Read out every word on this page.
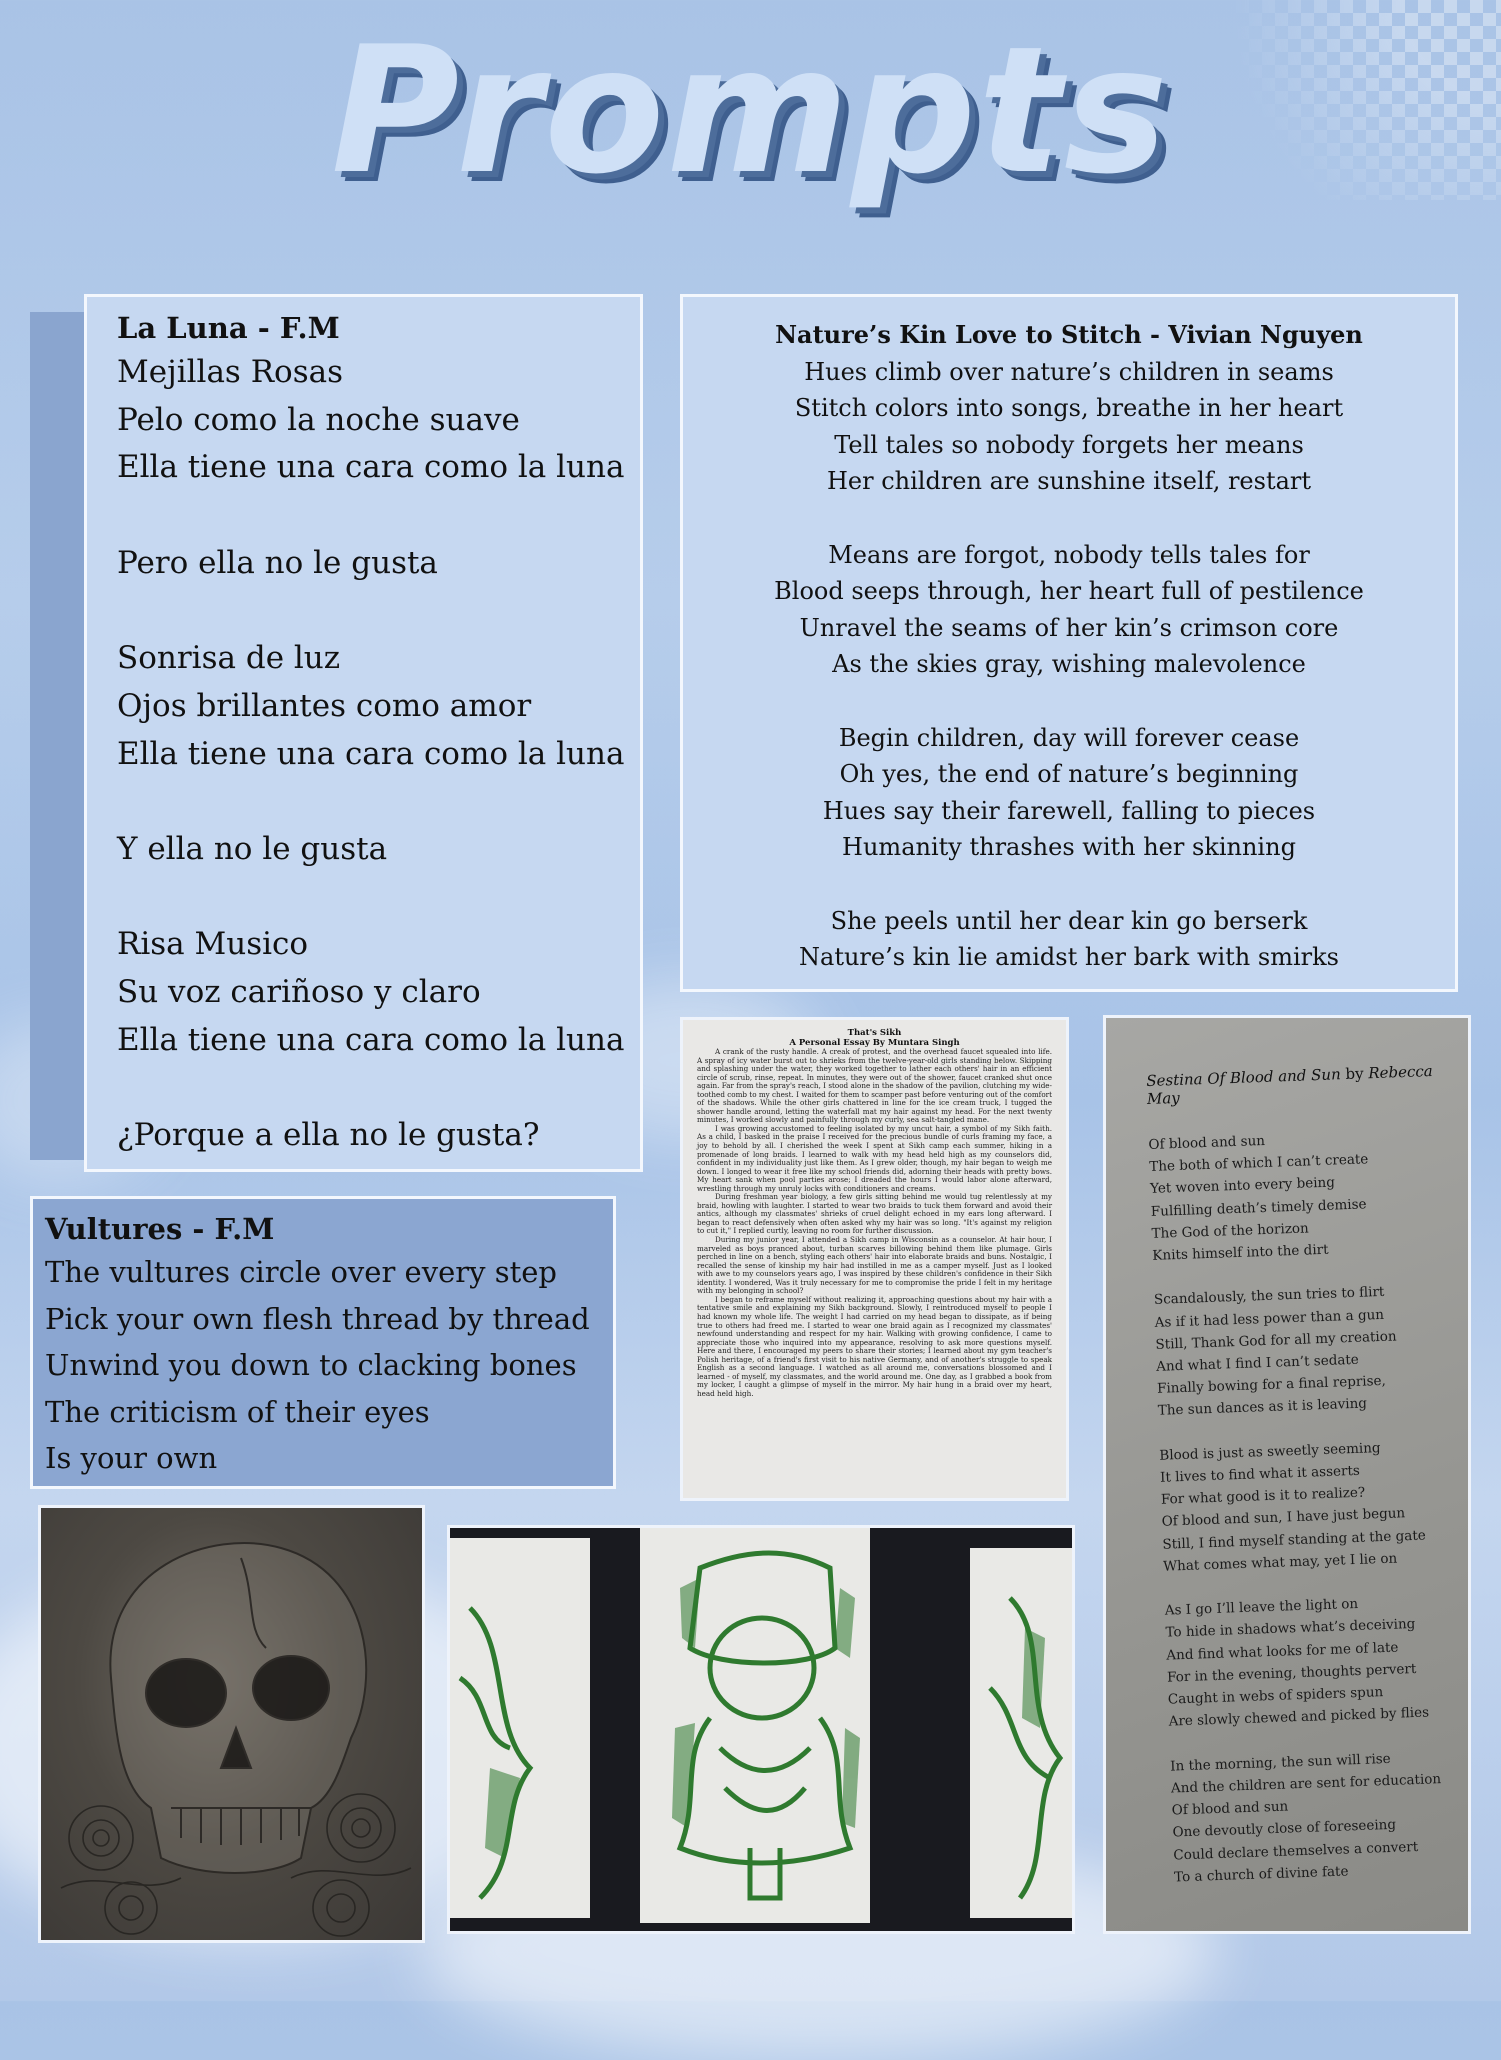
Prompts
La Luna - F.M
Mejillas Rosas
Pelo como la noche suave
Ella tiene una cara como la luna

Pero ella no le gusta

Sonrisa de luz
Ojos brillantes como amor
Ella tiene una cara como la luna

Y ella no le gusta

Risa Musico
Su voz cariñoso y claro
Ella tiene una cara como la luna

¿Porque a ella no le gusta?
Nature’s Kin Love to Stitch - Vivian Nguyen
Hues climb over nature’s children in seams
Stitch colors into songs, breathe in her heart
Tell tales so nobody forgets her means
Her children are sunshine itself, restart

Means are forgot, nobody tells tales for
Blood seeps through, her heart full of pestilence
Unravel the seams of her kin’s crimson core
As the skies gray, wishing malevolence

Begin children, day will forever cease
Oh yes, the end of nature’s beginning
Hues say their farewell, falling to pieces
Humanity thrashes with her skinning

She peels until her dear kin go berserk
Nature’s kin lie amidst her bark with smirks
Vultures - F.M
The vultures circle over every step
Pick your own flesh thread by thread
Unwind you down to clacking bones
The criticism of their eyes
Is your own
That's Sikh
A Personal Essay By Muntara Singh
A crank of the rusty handle. A creak of protest, and the overhead faucet squealed into life. A spray of icy water burst out to shrieks from the twelve-year-old girls standing below. Skipping and splashing under the water, they worked together to lather each others' hair in an efficient circle of scrub, rinse, repeat. In minutes, they were out of the shower, faucet cranked shut once again. Far from the spray's reach, I stood alone in the shadow of the pavilion, clutching my wide-toothed comb to my chest. I waited for them to scamper past before venturing out of the comfort of the shadows. While the other girls chattered in line for the ice cream truck, I tugged the shower handle around, letting the waterfall mat my hair against my head. For the next twenty minutes, I worked slowly and painfully through my curly, sea salt-tangled mane.
I was growing accustomed to feeling isolated by my uncut hair, a symbol of my Sikh faith. As a child, I basked in the praise I received for the precious bundle of curls framing my face, a joy to behold by all. I cherished the week I spent at Sikh camp each summer, hiking in a promenade of long braids. I learned to walk with my head held high as my counselors did, confident in my individuality just like them. As I grew older, though, my hair began to weigh me down. I longed to wear it free like my school friends did, adorning their heads with pretty bows. My heart sank when pool parties arose; I dreaded the hours I would labor alone afterward, wrestling through my unruly locks with conditioners and creams.
During freshman year biology, a few girls sitting behind me would tug relentlessly at my braid, howling with laughter. I started to wear two braids to tuck them forward and avoid their antics, although my classmates' shrieks of cruel delight echoed in my ears long afterward. I began to react defensively when often asked why my hair was so long. "It's against my religion to cut it," I replied curtly, leaving no room for further discussion.
During my junior year, I attended a Sikh camp in Wisconsin as a counselor. At hair hour, I marveled as boys pranced about, turban scarves billowing behind them like plumage. Girls perched in line on a bench, styling each others' hair into elaborate braids and buns. Nostalgic, I recalled the sense of kinship my hair had instilled in me as a camper myself. Just as I looked with awe to my counselors years ago, I was inspired by these children's confidence in their Sikh identity. I wondered, Was it truly necessary for me to compromise the pride I felt in my heritage with my belonging in school?
I began to reframe myself without realizing it, approaching questions about my hair with a tentative smile and explaining my Sikh background. Slowly, I reintroduced myself to people I had known my whole life. The weight I had carried on my head began to dissipate, as if being true to others had freed me. I started to wear one braid again as I recognized my classmates' newfound understanding and respect for my hair. Walking with growing confidence, I came to appreciate those who inquired into my appearance, resolving to ask more questions myself. Here and there, I encouraged my peers to share their stories; I learned about my gym teacher's Polish heritage, of a friend's first visit to his native Germany, and of another's struggle to speak English as a second language. I watched as all around me, conversations blossomed and I learned - of myself, my classmates, and the world around me. One day, as I grabbed a book from my locker, I caught a glimpse of myself in the mirror. My hair hung in a braid over my heart, head held high.
Sestina Of Blood and Sun by Rebecca May
Of blood and sun
The both of which I can’t create
Yet woven into every being
Fulfilling death’s timely demise
The God of the horizon
Knits himself into the dirt

Scandalously, the sun tries to flirt
As if it had less power than a gun
Still, Thank God for all my creation
And what I find I can’t sedate
Finally bowing for a final reprise,
The sun dances as it is leaving

Blood is just as sweetly seeming
It lives to find what it asserts
For what good is it to realize?
Of blood and sun, I have just begun
Still, I find myself standing at the gate
What comes what may, yet I lie on

As I go I’ll leave the light on
To hide in shadows what’s deceiving
And find what looks for me of late
For in the evening, thoughts pervert
Caught in webs of spiders spun
Are slowly chewed and picked by flies

In the morning, the sun will rise
And the children are sent for education
Of blood and sun
One devoutly close of foreseeing
Could declare themselves a convert
To a church of divine fate
